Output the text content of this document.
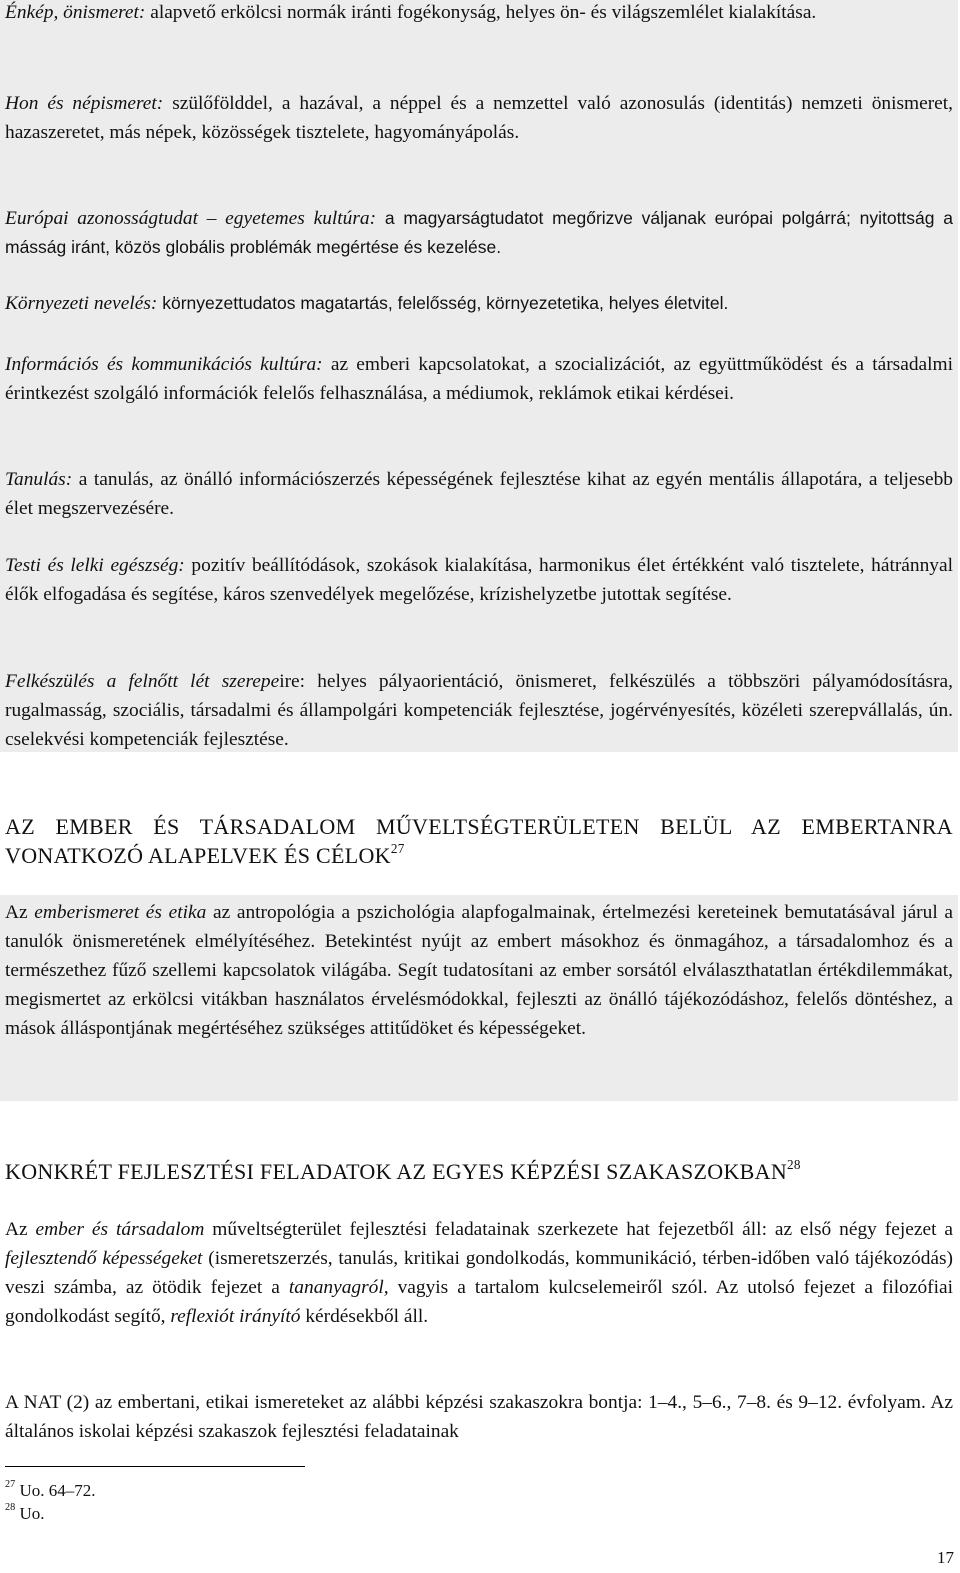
Énkép, önismeret: alapvető erkölcsi normák iránti fogékonyság, helyes ön- és világszemlélet kialakítása.

Hon és népismeret: szülőfölddel, a hazával, a néppel és a nemzettel való azonosulás (identitás) nemzeti önismeret, hazaszeretet, más népek, közösségek tisztelete, hagyományápolás.

Európai azonosságtudat – egyetemes kultúra: a magyarságtudatot megőrizve váljanak európai polgárrá; nyitottság a másság iránt, közös globális problémák megértése és kezelése.

Környezeti nevelés: környezettudatos magatartás, felelősség, környezetetika, helyes életvitel.

Információs és kommunikációs kultúra: az emberi kapcsolatokat, a szocializációt, az együttműködést és a társadalmi érintkezést szolgáló információk felelős felhasználása, a médiumok, reklámok etikai kérdései.

Tanulás: a tanulás, az önálló információszerzés képességének fejlesztése kihat az egyén mentális állapotára, a teljesebb élet megszervezésére.

Testi és lelki egészség: pozitív beállítódások, szokások kialakítása, harmonikus élet értékként való tisztelete, hátránnyal élők elfogadása és segítése, káros szenvedélyek megelőzése, krízishelyzetbe jutottak segítése.

Felkészülés a felnőtt lét szerepeire: helyes pályaorientáció, önismeret, felkészülés a többszöri pályamódosításra, rugalmasság, szociális, társadalmi és állampolgári kompetenciák fejlesztése, jogérvényesítés, közéleti szerepvállalás, ún. cselekvési kompetenciák fejlesztése.

AZ EMBER ÉS TÁRSADALOM MŰVELTSÉGTERÜLETEN BELÜL AZ EMBERTANRA VONATKOZÓ ALAPELVEK ÉS CÉLOK$^{27}$

Az emberismeret és etika az antropológia a pszichológia alapfogalmainak, értelmezési kereteinek bemutatásával járul a tanulók önismeretének elmélyítéséhez. Betekintést nyújt az embert másokhoz és önmagához, a társadalomhoz és a természethez fűző szellemi kapcsolatok világába. Segít tudatosítani az ember sorsától elválaszthatatlan értékdilemmákat, megismertet az erkölcsi vitákban használatos érvelésmódokkal, fejleszti az önálló tájékozódáshoz, felelős döntéshez, a mások álláspontjának megértéséhez szükséges attitűdöket és képességeket.

KONKRÉT FEJLESZTÉSI FELADATOK AZ EGYES KÉPZÉSI SZAKASZOKBAN$^{28}$

Az ember és társadalom műveltségterület fejlesztési feladatainak szerkezete hat fejezetből áll: az első négy fejezet a fejlesztendő képességeket (ismeretszerzés, tanulás, kritikai gondolkodás, kommunikáció, térben-időben való tájékozódás) veszi számba, az ötödik fejezet a tananyagról, vagyis a tartalom kulcselemeiről szól. Az utolsó fejezet a filozófiai gondolkodást segítő, reflexiót irányító kérdésekből áll.

A NAT (2) az embertani, etikai ismereteket az alábbi képzési szakaszokra bontja: 1–4., 5–6., 7–8. és 9–12. évfolyam. Az általános iskolai képzési szakaszok fejlesztési feladatainak

$^{27}$ Uo. 64–72.
$^{28}$ Uo.
17
